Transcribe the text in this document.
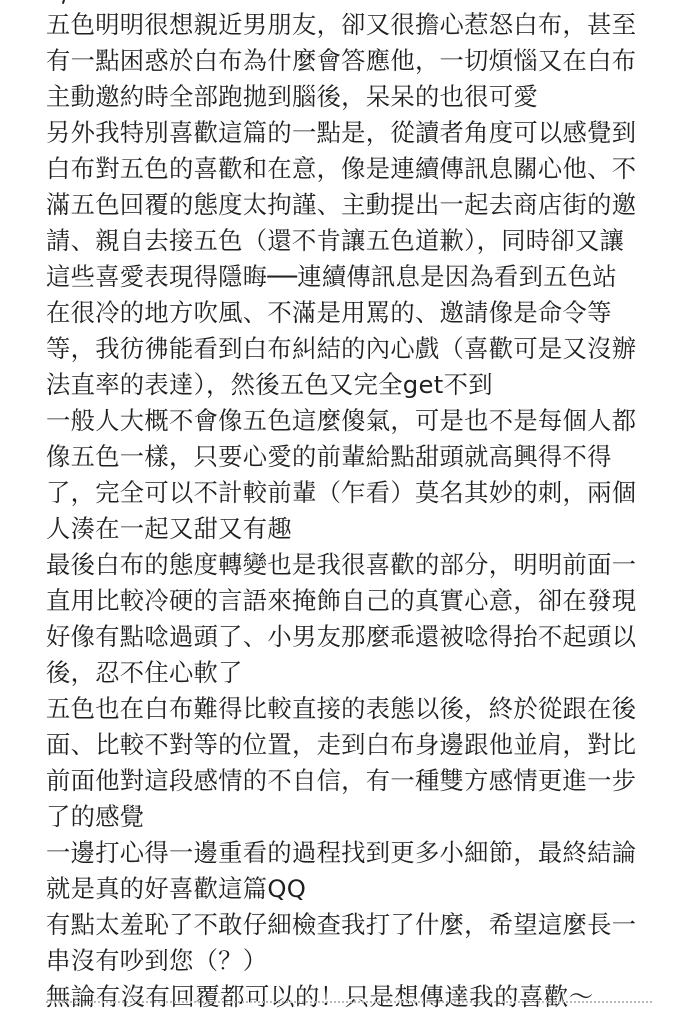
五色明明很想親近男朋友，卻又很擔心惹怒白布，甚至
有一點困惑於白布為什麼會答應他，一切煩惱又在白布
主動邀約時全部跑拋到腦後，呆呆的也很可愛
另外我特別喜歡這篇的一點是，從讀者角度可以感覺到
白布對五色的喜歡和在意，像是連續傳訊息關心他、不
滿五色回覆的態度太拘謹、主動提出一起去商店街的邀
請、親自去接五色（還不肯讓五色道歉），同時卻又讓
這些喜愛表現得隱晦──連續傳訊息是因為看到五色站
在很冷的地方吹風、不滿是用罵的、邀請像是命令等
等，我彷彿能看到白布糾結的內心戲（喜歡可是又沒辦
法直率的表達），然後五色又完全get不到
一般人大概不會像五色這麼傻氣，可是也不是每個人都
像五色一樣，只要心愛的前輩給點甜頭就高興得不得
了，完全可以不計較前輩（乍看）莫名其妙的刺，兩個
人湊在一起又甜又有趣
最後白布的態度轉變也是我很喜歡的部分，明明前面一
直用比較冷硬的言語來掩飾自己的真實心意，卻在發現
好像有點唸過頭了、小男友那麼乖還被唸得抬不起頭以
後，忍不住心軟了
五色也在白布難得比較直接的表態以後，終於從跟在後
面、比較不對等的位置，走到白布身邊跟他並肩，對比
前面他對這段感情的不自信，有一種雙方感情更進一步
了的感覺
一邊打心得一邊重看的過程找到更多小細節，最終結論
就是真的好喜歡這篇QQ
有點太羞恥了不敢仔細檢查我打了什麼，希望這麼長一
串沒有吵到您（？）
無論有沒有回覆都可以的！只是想傳達我的喜歡～
